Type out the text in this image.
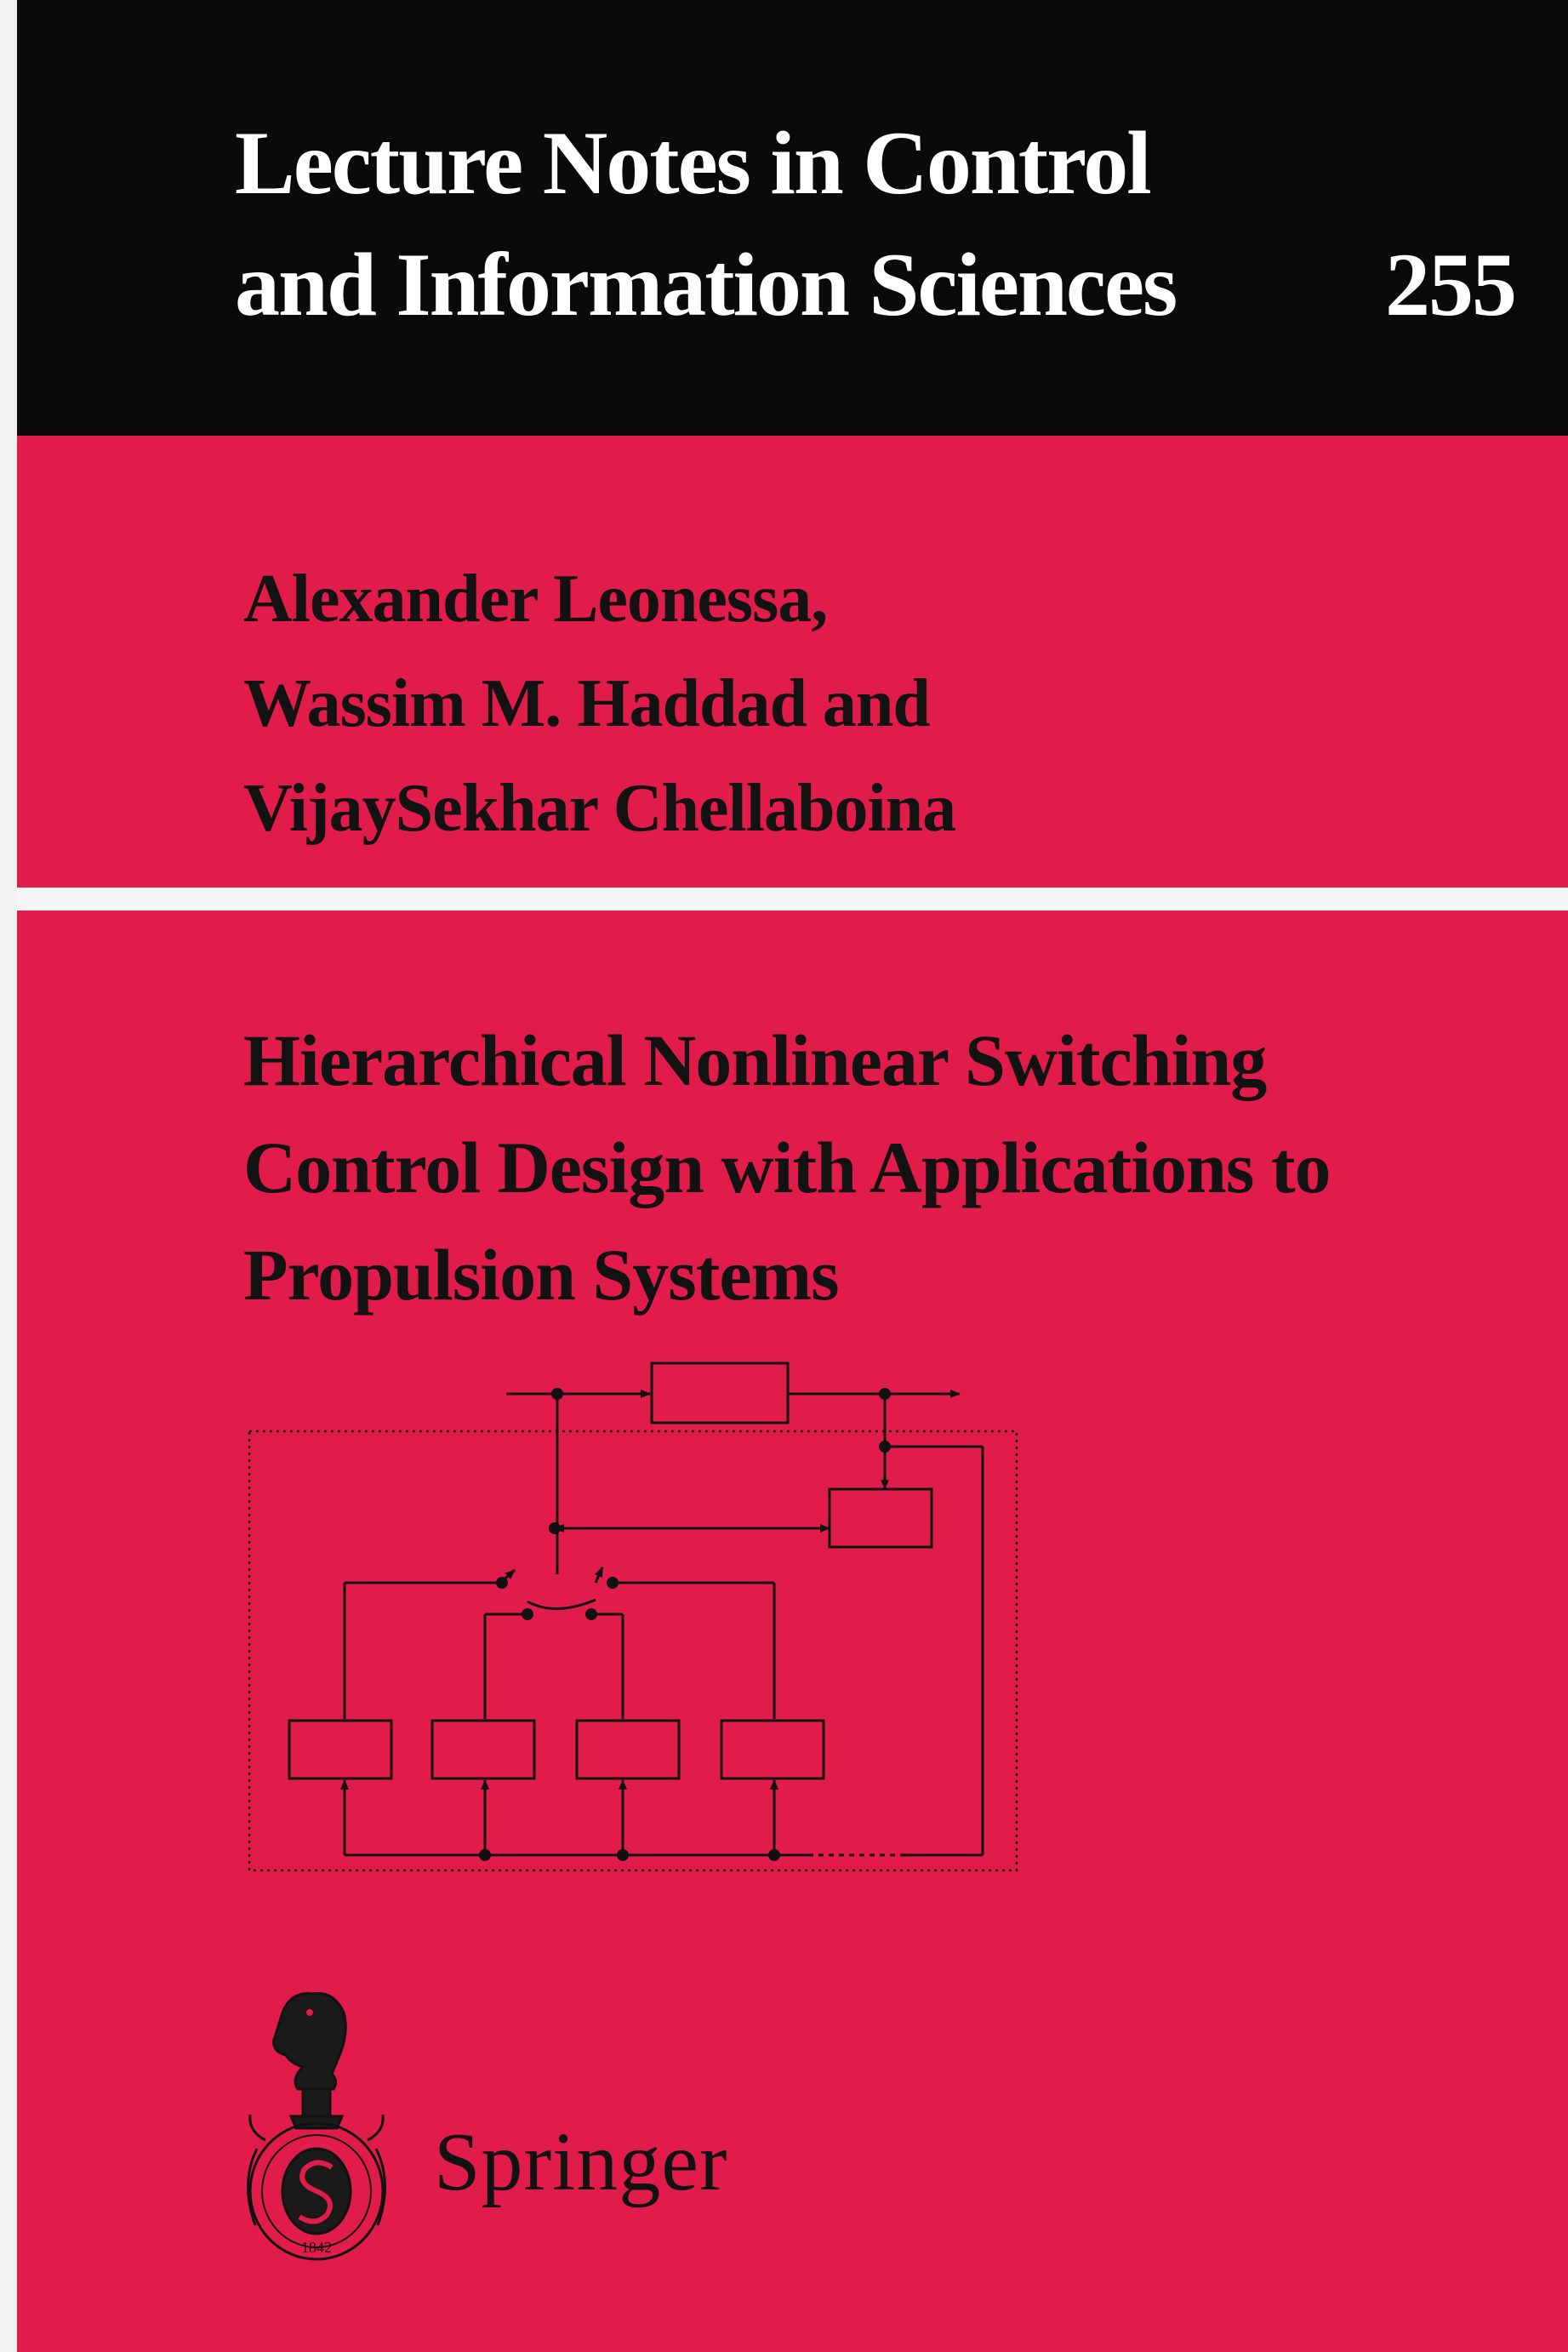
Lecture Notes in Control
and Information Sciences	255
Alexander Leonessa,
Wassim M. Haddad and
VijaySekhar Chellaboina
Hierarchical Nonlinear Switching
Control Design with Applications to
Propulsion Systems
1842
Springer
